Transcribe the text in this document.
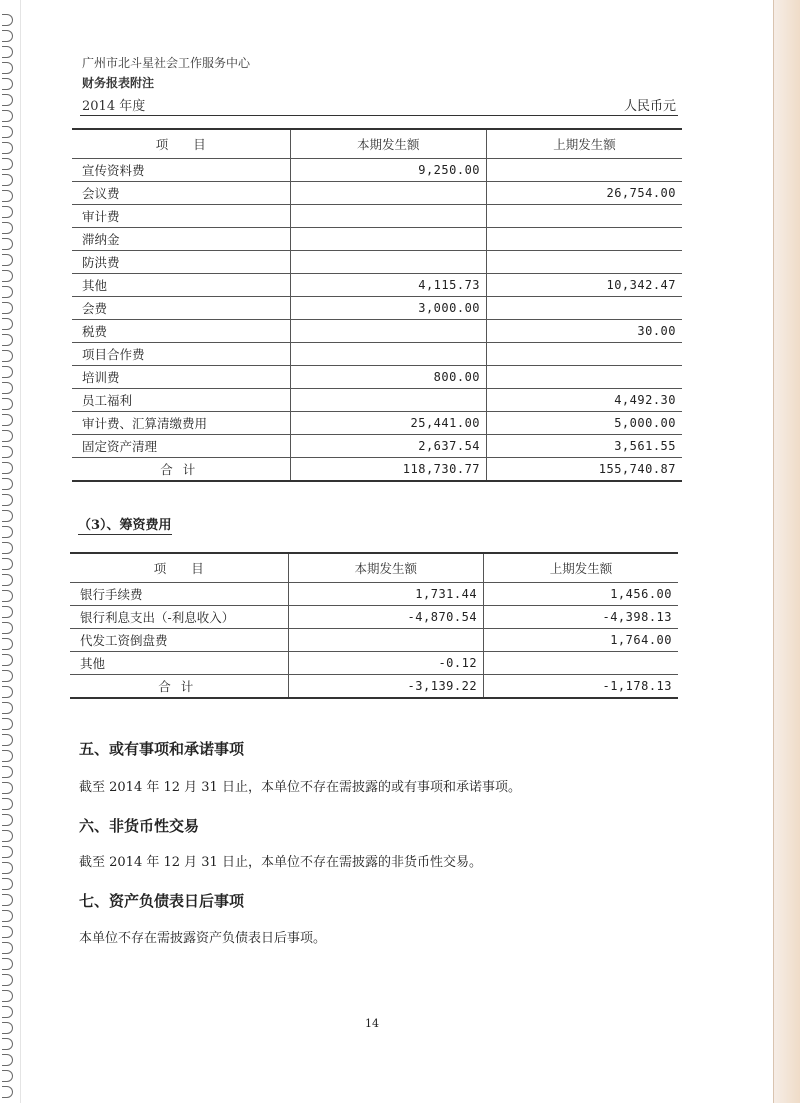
广州市北斗星社会工作服务中心
财务报表附注
2014 年度	人民币元
项　　目	本期发生额	上期发生额
宣传资料费	9,250.00	
会议费		26,754.00
审计费		
滞纳金		
防洪费		
其他	4,115.73	10,342.47
会费	3,000.00	
税费		30.00
项目合作费		
培训费	800.00	
员工福利		4,492.30
审计费、汇算清缴费用	25,441.00	5,000.00
固定资产清理	2,637.54	3,561.55
合计	118,730.77	155,740.87
（3）、筹资费用
项　　目	本期发生额	上期发生额
银行手续费	1,731.44	1,456.00
银行利息支出（-利息收入）	-4,870.54	-4,398.13
代发工资倒盘费		1,764.00
其他	-0.12	
合计	-3,139.22	-1,178.13
五、或有事项和承诺事项
截至 2014 年 12 月 31 日止，本单位不存在需披露的或有事项和承诺事项。
六、非货币性交易
截至 2014 年 12 月 31 日止，本单位不存在需披露的非货币性交易。
七、资产负债表日后事项
本单位不存在需披露资产负债表日后事项。
14
